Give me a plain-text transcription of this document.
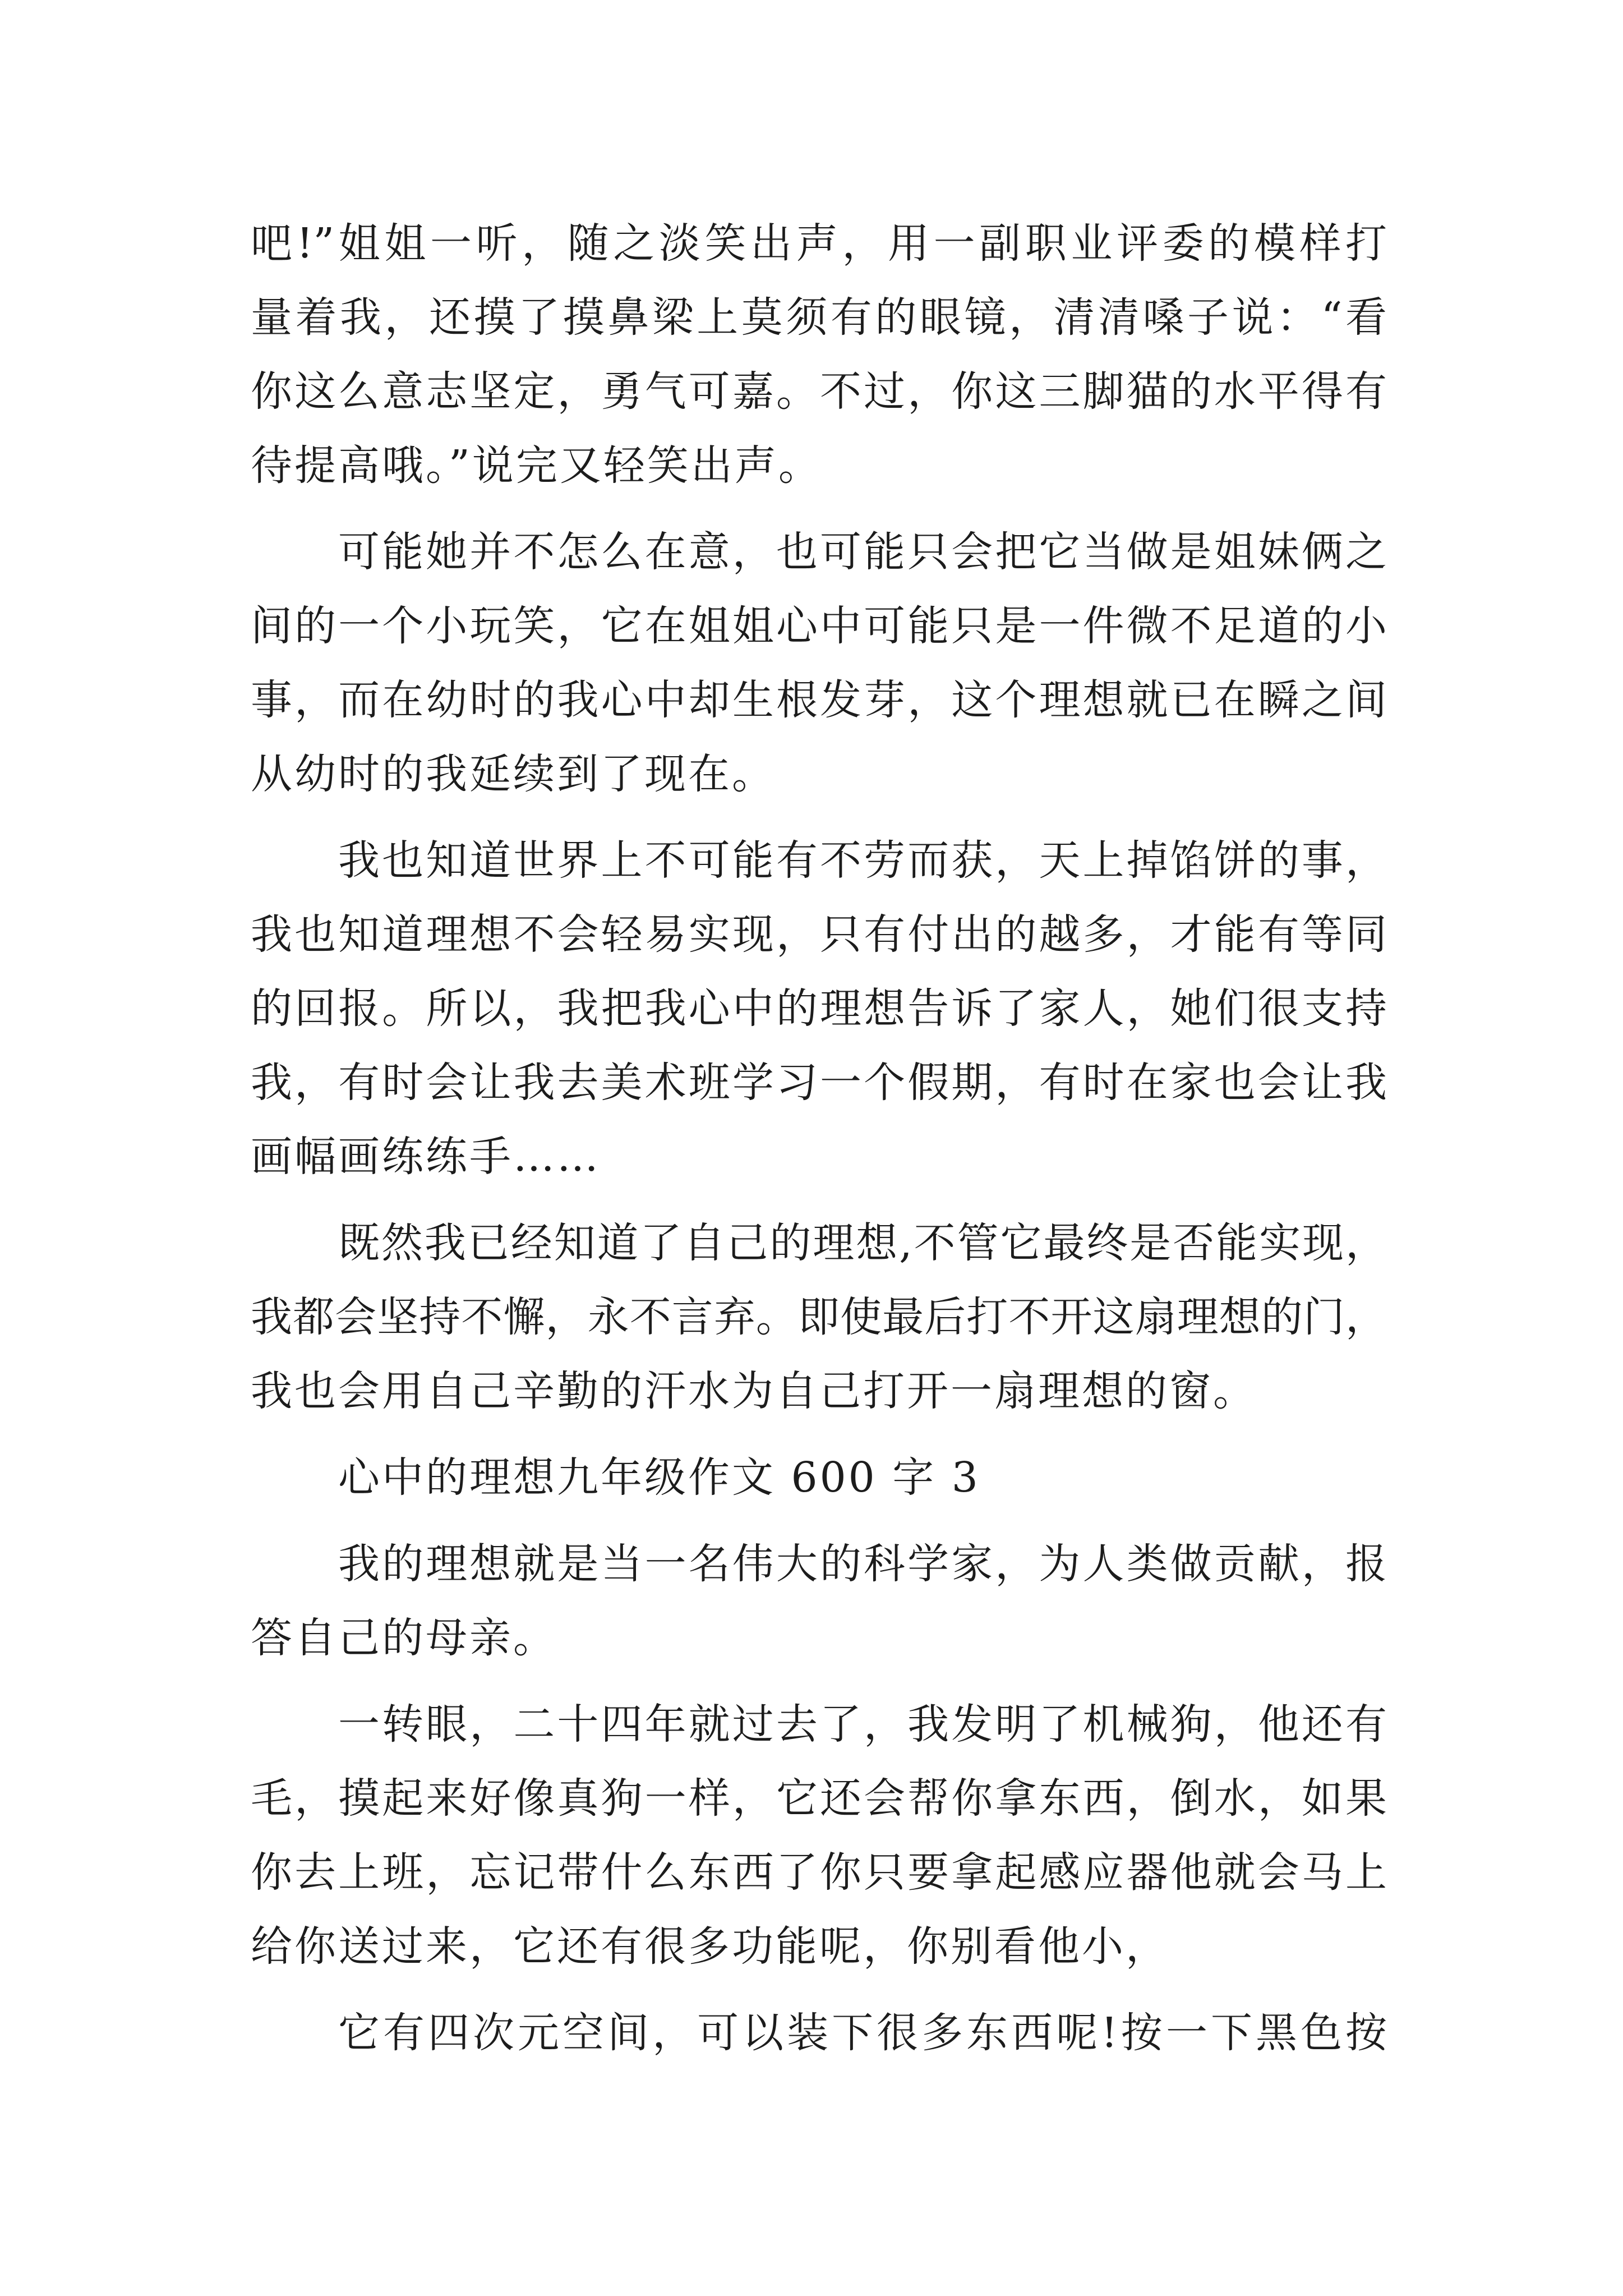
吧!”姐姐一听，随之淡笑出声，用一副职业评委的模样打
量着我，还摸了摸鼻梁上莫须有的眼镜，清清嗓子说：“看
你这么意志坚定，勇气可嘉。不过，你这三脚猫的水平得有
待提高哦。”说完又轻笑出声。
可能她并不怎么在意，也可能只会把它当做是姐妹俩之
间的一个小玩笑，它在姐姐心中可能只是一件微不足道的小
事，而在幼时的我心中却生根发芽，这个理想就已在瞬之间
从幼时的我延续到了现在。
我也知道世界上不可能有不劳而获，天上掉馅饼的事，
我也知道理想不会轻易实现，只有付出的越多，才能有等同
的回报。所以，我把我心中的理想告诉了家人，她们很支持
我，有时会让我去美术班学习一个假期，有时在家也会让我
画幅画练练手……
既然我已经知道了自己的理想,不管它最终是否能实现，
我都会坚持不懈，永不言弃。即使最后打不开这扇理想的门，
我也会用自己辛勤的汗水为自己打开一扇理想的窗。
心中的理想九年级作文 600 字 3
我的理想就是当一名伟大的科学家，为人类做贡献，报
答自己的母亲。
一转眼，二十四年就过去了，我发明了机械狗，他还有
毛，摸起来好像真狗一样，它还会帮你拿东西，倒水，如果
你去上班，忘记带什么东西了你只要拿起感应器他就会马上
给你送过来，它还有很多功能呢，你别看他小，
它有四次元空间，可以装下很多东西呢!按一下黑色按
